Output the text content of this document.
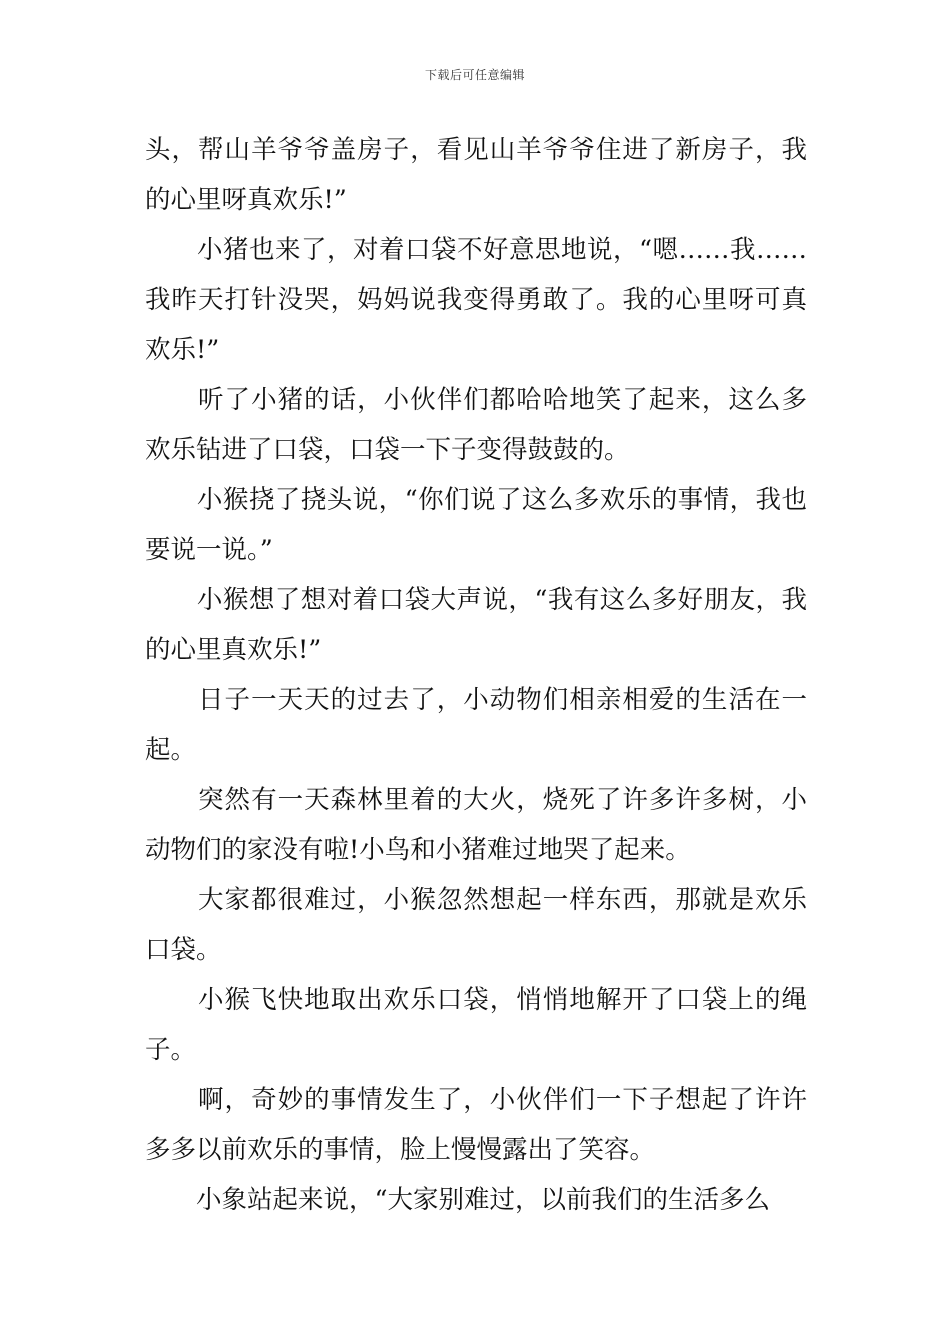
下载后可任意编辑

头，帮山羊爷爷盖房子，看见山羊爷爷住进了新房子，我的心里呀真欢乐!”

　　小猪也来了，对着口袋不好意思地说，“嗯……我……我昨天打针没哭，妈妈说我变得勇敢了。我的心里呀可真欢乐!”

　　听了小猪的话，小伙伴们都哈哈地笑了起来，这么多欢乐钻进了口袋，口袋一下子变得鼓鼓的。

　　小猴挠了挠头说，“你们说了这么多欢乐的事情，我也要说一说。”

　　小猴想了想对着口袋大声说，“我有这么多好朋友，我的心里真欢乐!”

　　日子一天天的过去了，小动物们相亲相爱的生活在一起。

　　突然有一天森林里着的大火，烧死了许多许多树，小动物们的家没有啦!小鸟和小猪难过地哭了起来。

　　大家都很难过，小猴忽然想起一样东西，那就是欢乐口袋。

　　小猴飞快地取出欢乐口袋，悄悄地解开了口袋上的绳子。

　　啊，奇妙的事情发生了，小伙伴们一下子想起了许许多多以前欢乐的事情，脸上慢慢露出了笑容。

　　小象站起来说，“大家别难过，以前我们的生活多么
